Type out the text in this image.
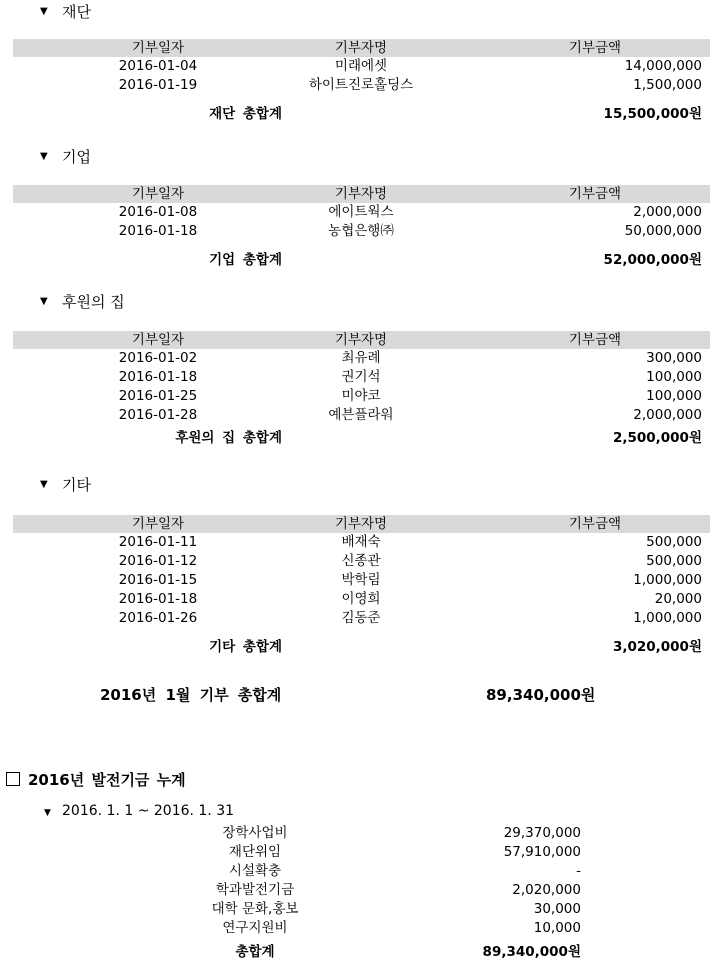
▼ 재단
기부일자	기부자명	기부금액
2016-01-04	미래에셋	14,000,000
2016-01-19	하이트진로홀딩스	1,500,000
재단 총합계	15,500,000원
▼ 기업
기부일자	기부자명	기부금액
2016-01-08	에이트웍스	2,000,000
2016-01-18	농협은행㈜	50,000,000
기업 총합계	52,000,000원
▼ 후원의 집
기부일자	기부자명	기부금액
2016-01-02	최유례	300,000
2016-01-18	권기석	100,000
2016-01-25	미야코	100,000
2016-01-28	예븐플라워	2,000,000
후원의 집 총합계	2,500,000원
▼ 기타
기부일자	기부자명	기부금액
2016-01-11	배재숙	500,000
2016-01-12	신종관	500,000
2016-01-15	박학림	1,000,000
2016-01-18	이영희	20,000
2016-01-26	김동준	1,000,000
기타 총합계	3,020,000원
2016년 1월 기부 총합계	89,340,000원
2016년 발전기금 누계
▼ 2016. 1. 1 ~ 2016. 1. 31
장학사업비	29,370,000
재단위임	57,910,000
시설확충	-
학과발전기금	2,020,000
대학 문화,홍보	30,000
연구지원비	10,000
총합계	89,340,000원
